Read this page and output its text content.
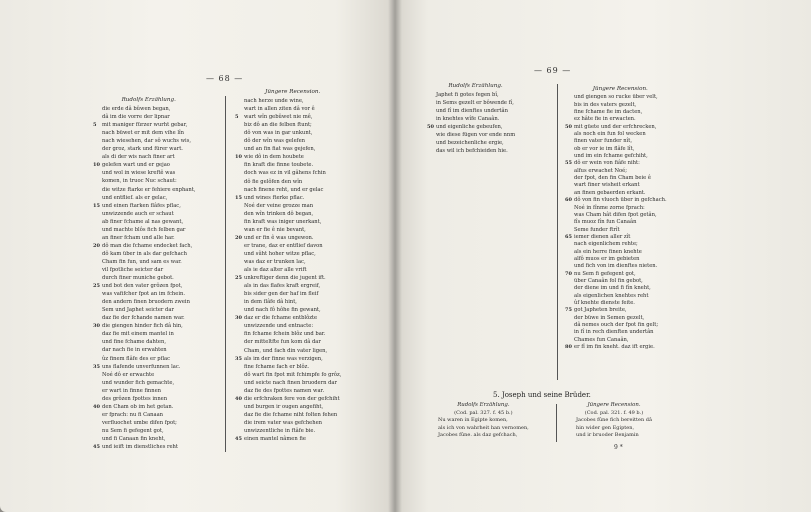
— 68 —
Rudolfs Erzählung.
die erde dâ bûwen began,
dâ im die vorre der lipnar
5 mit maniger fürzer wurht gebar,
nach büwet er mit dem vihe lîn
nach wiesehen, dar sô wuchs wis,
der groz, stark und fürer wart.
als di der wis nach finer art
10 gelefen wart und er gejao
und wol in wiese kreftê was
komen, in truoc Nuc schaut:
die witze ftarke er fehiere enphant,
und entflief. als er gelac,
15 und einen ftarken flâfes pflac,
unwizzende auch er schaut
ab finer fchame al nas gewant,
und machte blôs fich felben gar
an finer fcham und alle har.
20 dô man die fchame endecket fach,
dô kam über in als dar gefchach
Cham fin fun, und sam es war.
vil fpotliche seicter dar
durch finer muniche gebot.
25 und bot den vater grôzen fpot,
was vafifcher fpot an im fchein.
den andern finen bruodern zwein
Sem und Japhet seicter dar
daz fie der fchande namen war.
30 die giengen hinder fich dâ hin,
daz fie mit einem mantel in
und fine fchame dahten,
dar nach fie in erwahten
ûz finem flâfe des er pflac
35 uns flafende unverfunnen lac.
Noé dô er erwachte
und wunder fich gemachte,
er wart in finne finnen
des grôzen fpottes innen
40 den Cham ob im het getan.
er fprach: nu fi Canaan
verfluochet umbe difen fpot;
nu Sem fi gefegent got,
und fi Canaan fin kneht,
45 und ieift im dienstliches reht
Jüngere Recension.
nach herze unde wine,
wart in allen ziten dâ vor ê
5 wart wîn gebûwet nie mê,
biz dô an die felben ftunt;
dô von was in gar unkunt,
dô der wîn was gelefen
und an fin fiat was gejefen,
10 wie dô in dem houbete
fin kraft die finne toubete.
doch was ez in vil gâhens fchin
dô fie gelôfen den wîn
nach finene reht, und er gelac
15 und wines fterke pflac.
Noé der veine grozze man
den wîn trinken dô began,
fin kraft was iniger unerkant,
wan er fie ê nie bevant,
20 und er fin ê was ungewon.
er trane, daz er entflief davon
und sûht hoher witze pflac,
was daz er trunken lac,
als ie daz alter alle vrift
25 unkreftiger denn die jugent ift.
als in das flafes kraft ergreif,
bis sider gen der haf im fleif
in dem flâfe dâ hint,
und nach fô hôhe fin gewant,
30 daz er die fchame entblôzte
unwizzende und entnacte:
fin fchame fchein blôz und bar.
der mitteltfte fun kom dâ dar
Cham, und fach din vater ligen,
35 als im der finne was verzigen,
fine fchame fach er blôz.
dô wart fin fpot mit fchimpfe fo grôz,
und seicte nach finen bruodern dar
daz fie des fpottes namen war.
40 die erfchraken fere von der gefchiht
und burgen ir ougen angefiht,
daz fie die fchame niht folten fehen
die irem vater was gefchehen
unwizzentliche in ftâfe bie.
45 einen mantel nâmen fie
— 69 —
Rudolfs Erzählung.
Japhet fi gotes fegen bî,
in Sems gezelt er bôwende fî,
und fî im dienftes undertân
in knehtes wîfe Canaân.
50 und eigenliche gebeufen,
wie diese fügen vor ende nnm
und bezeichenliche ergie,
das wil ich befchieiden hie.
Jüngere Recension.
und giengen so rucke über velt,
bis in des vaters gezelt,
fine fchame fie im dacten,
ez hâte fie in erwacten.
50 mit güete und der erfchrecken,
als noch ein fun fol wecken
finen vater funder nît,
ob er vor ie im flâfe lît,
und im ein fchame gefchiht,
55 dô er wein von fiâfe niht:
alfus erwachet Noé;
der fpot, den fin Cham beie ê
wart finer wisheit erkant
an finen gebaerden erkant.
60 dô von fin vluoch über in gefchach.
Noé in fînme zorne fprach:
was Cham hât difen fpot getân,
fîs muoz fîn fun Canaân
Seme funder ftrît
65 iemer dienen aller zît
nach eigenlichem rehte;
als ein herre finen knehte
alfô muos er im gebieten
und fich von im dienftes nieten.
70 nu Sem fi gefegent got,
über Canaân fol fin gebot,
der diene im und fi fîn kneht,
als eigenlichen knehtes reht
ûf knehte dienste feite.
75 got Japheten breite,
der büwe in Semen gezelt,
dâ nemes ouch der fpot fin gelt;
in fî in rech dienften undertân
Chames fun Canaân,
80 er fî im fin kneht. daz ift ergie.
5. Joseph und seine Brüder.
Rudolfs Erzählung.
(Cod. pal. 327. f. 45 b.)
Nu waren in Egipte komen,
als ich von wahrheit han vernomen,
Jacobes fûne. als daz gefchach,
Jüngere Recension.
(Cod. pal. 321. f. 49 b.)
Jacobes fûne fich bereitten dâ
hin wider gen Egipten,
und ir bruoder Benjamin
9 *
